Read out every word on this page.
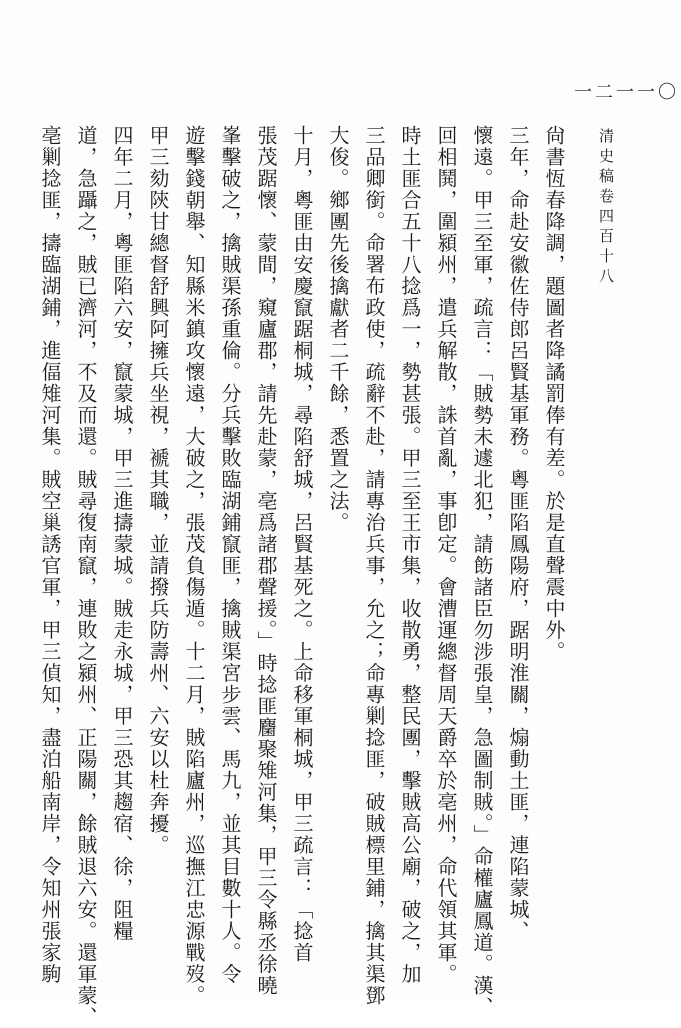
一二一一〇
清史稿卷四百十八
尙書恆春降調，題圖者降譎罰俸有差。於是直聲震中外。
三年，命赴安徽佐侍郎呂賢基軍務。粵匪陷鳳陽府，踞明淮關，煽動土匪，連陷蒙城、
懷遠。甲三至軍，疏言：「賊勢未遽北犯，請飭諸臣勿涉張皇，急圖制賊。」命權廬鳳道。漢、
回相鬨，圍潁州，遣兵解散，誅首亂，事卽定。會漕運總督周天爵卒於亳州，命代領其軍。
時土匪合五十八捻爲一，勢甚張。甲三至王市集，收散勇，整民團，擊賊高公廟，破之，加
三品卿銜。命署布政使，疏辭不赴，請專治兵事，允之；命專剿捻匪，破賊標里鋪，擒其渠鄧
大俊。鄉團先後擒獻者二千餘，悉置之法。
十月，粵匪由安慶竄踞桐城，尋陷舒城，呂賢基死之。上命移軍桐城，甲三疏言：「捻首
張茂踞懷、蒙間，窺廬郡，請先赴蒙，亳爲諸郡聲援。」時捻匪麕聚雉河集，甲三令縣丞徐曉
峯擊破之，擒賊渠孫重倫。分兵擊敗臨湖鋪竄匪，擒賊渠宮步雲、馬九，並其目數十人。令
遊擊錢朝舉、知縣米鎮攻懷遠，大破之，張茂負傷遁。十二月，賊陷廬州，巡撫江忠源戰歿。
甲三劾陝甘總督舒興阿擁兵坐視，褫其職，並請撥兵防壽州、六安以杜奔擾。
四年二月，粵匪陷六安，竄蒙城，甲三進擣蒙城。賊走永城，甲三恐其趨宿、徐，阻糧
道，急躡之，賊已濟河，不及而還。賊尋復南竄，連敗之潁州、正陽關，餘賊退六安。還軍蒙、
亳剿捻匪，擣臨湖鋪，進偪雉河集。賊空巢誘官軍，甲三偵知，盡泊船南岸，令知州張家駒
